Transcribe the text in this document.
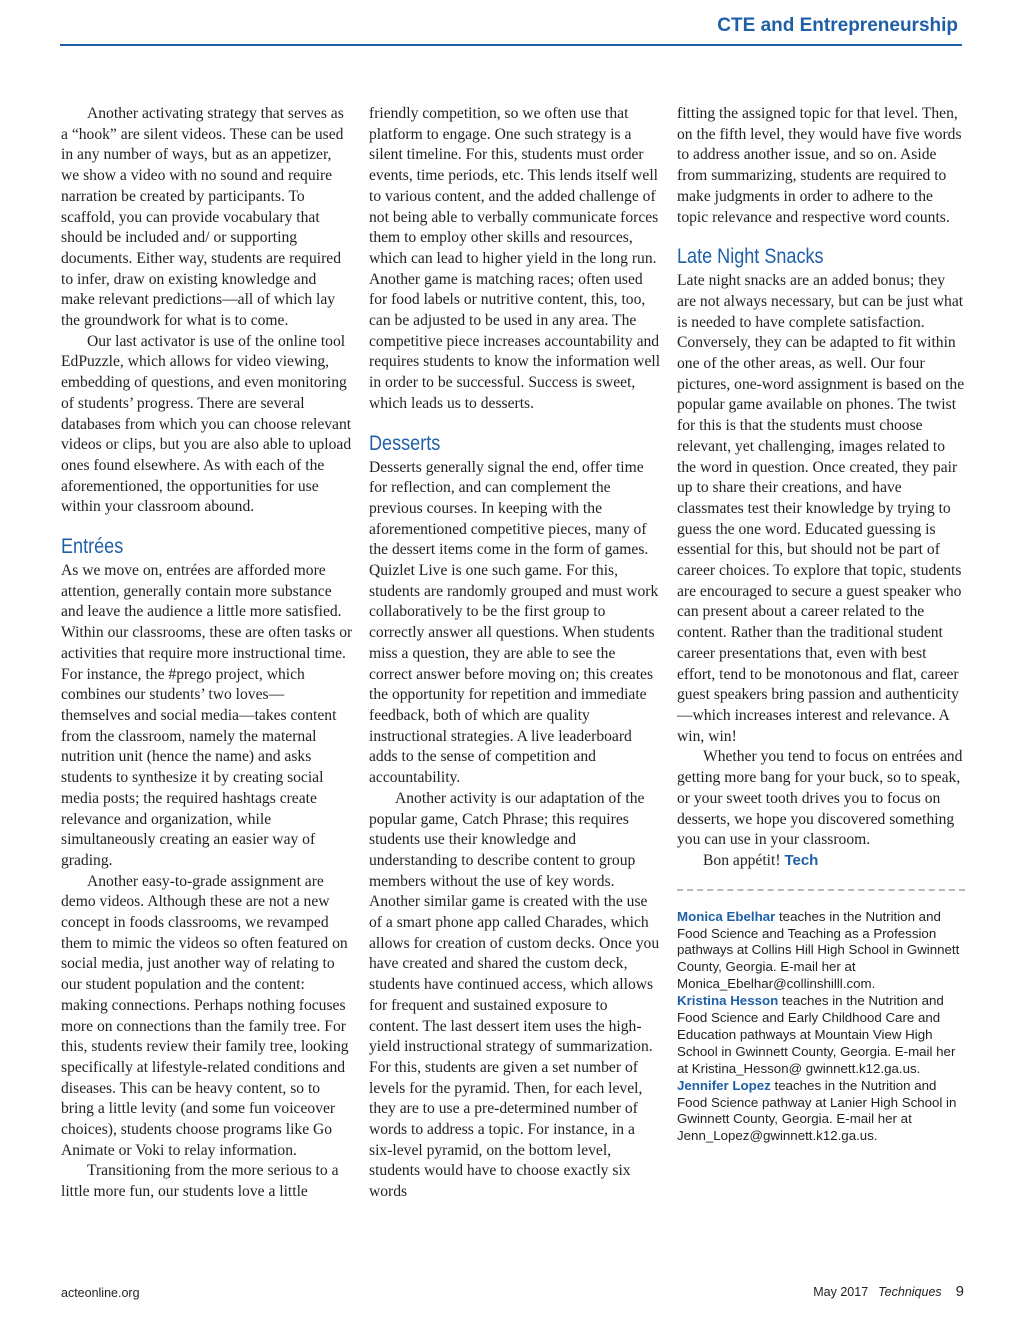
CTE and Entrepreneurship

Another activating strategy that serves as a “hook” are silent videos. These can be used in any number of ways, but as an appetizer, we show a video with no sound and require narration be created by participants. To scaffold, you can provide vocabulary that should be included and/ or supporting documents. Either way, students are required to infer, draw on existing knowledge and make relevant predictions—all of which lay the groundwork for what is to come.

Our last activator is use of the online tool EdPuzzle, which allows for video viewing, embedding of questions, and even monitoring of students’ progress. There are several databases from which you can choose relevant videos or clips, but you are also able to upload ones found elsewhere. As with each of the aforementioned, the opportunities for use within your classroom abound.

Entrées

As we move on, entrées are afforded more attention, generally contain more substance and leave the audience a little more satisfied. Within our classrooms, these are often tasks or activities that require more instructional time. For instance, the #prego project, which combines our students’ two loves—themselves and social media—takes content from the classroom, namely the maternal nutrition unit (hence the name) and asks students to synthesize it by creating social media posts; the required hashtags create relevance and organization, while simultaneously creating an easier way of grading.

Another easy-to-grade assignment are demo videos. Although these are not a new concept in foods classrooms, we revamped them to mimic the videos so often featured on social media, just another way of relating to our student population and the content: making connections. Perhaps nothing focuses more on connections than the family tree. For this, students review their family tree, looking specifically at lifestyle-related conditions and diseases. This can be heavy content, so to bring a little levity (and some fun voiceover choices), students choose programs like Go Animate or Voki to relay information.

Transitioning from the more serious to a little more fun, our students love a little

friendly competition, so we often use that platform to engage. One such strategy is a silent timeline. For this, students must order events, time periods, etc. This lends itself well to various content, and the added challenge of not being able to verbally communicate forces them to employ other skills and resources, which can lead to higher yield in the long run. Another game is matching races; often used for food labels or nutritive content, this, too, can be adjusted to be used in any area. The competitive piece increases accountability and requires students to know the information well in order to be successful. Success is sweet, which leads us to desserts.

Desserts

Desserts generally signal the end, offer time for reflection, and can complement the previous courses. In keeping with the aforementioned competitive pieces, many of the dessert items come in the form of games. Quizlet Live is one such game. For this, students are randomly grouped and must work collaboratively to be the first group to correctly answer all questions. When students miss a question, they are able to see the correct answer before moving on; this creates the opportunity for repetition and immediate feedback, both of which are quality instructional strategies. A live leaderboard adds to the sense of competition and accountability.

Another activity is our adaptation of the popular game, Catch Phrase; this requires students use their knowledge and understanding to describe content to group members without the use of key words. Another similar game is created with the use of a smart phone app called Charades, which allows for creation of custom decks. Once you have created and shared the custom deck, students have continued access, which allows for frequent and sustained exposure to content. The last dessert item uses the high-yield instructional strategy of summarization. For this, students are given a set number of levels for the pyramid. Then, for each level, they are to use a pre-determined number of words to address a topic. For instance, in a six-level pyramid, on the bottom level, students would have to choose exactly six words

fitting the assigned topic for that level. Then, on the fifth level, they would have five words to address another issue, and so on. Aside from summarizing, students are required to make judgments in order to adhere to the topic relevance and respective word counts.

Late Night Snacks

Late night snacks are an added bonus; they are not always necessary, but can be just what is needed to have complete satisfaction. Conversely, they can be adapted to fit within one of the other areas, as well. Our four pictures, one-word assignment is based on the popular game available on phones. The twist for this is that the students must choose relevant, yet challenging, images related to the word in question. Once created, they pair up to share their creations, and have classmates test their knowledge by trying to guess the one word. Educated guessing is essential for this, but should not be part of career choices. To explore that topic, students are encouraged to secure a guest speaker who can present about a career related to the content. Rather than the traditional student career presentations that, even with best effort, tend to be monotonous and flat, career guest speakers bring passion and authenticity—which increases interest and relevance. A win, win!

Whether you tend to focus on entrées and getting more bang for your buck, so to speak, or your sweet tooth drives you to focus on desserts, we hope you discovered something you can use in your classroom.

Bon appétit! Tech

Monica Ebelhar teaches in the Nutrition and Food Science and Teaching as a Profession pathways at Collins Hill High School in Gwinnett County, Georgia. E-mail her at Monica_Ebelhar@collinshilll.com.

Kristina Hesson teaches in the Nutrition and Food Science and Early Childhood Care and Education pathways at Mountain View High School in Gwinnett County, Georgia. E-mail her at Kristina_Hesson@ gwinnett.k12.ga.us.

Jennifer Lopez teaches in the Nutrition and Food Science pathway at Lanier High School in Gwinnett County, Georgia. E-mail her at Jenn_Lopez@gwinnett.k12.ga.us.

acteonline.org	May 2017 Techniques 9
